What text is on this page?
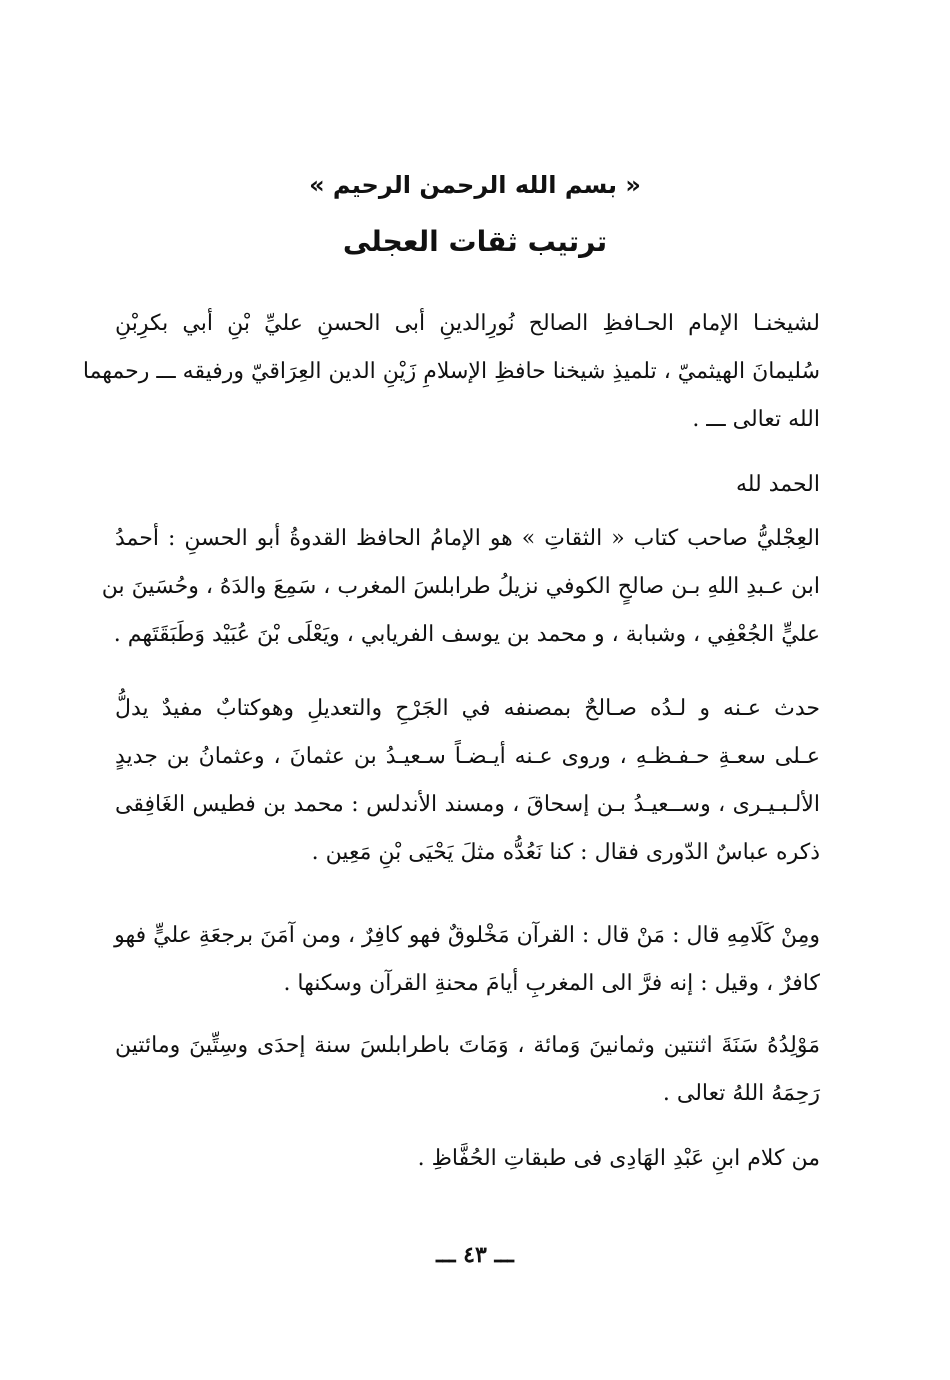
« بسم الله الرحمن الرحيم »
ترتيب ثقات العجلى
لشيخنـا الإمام الحـافظِ الصالح نُورِالدينِ أبى الحسنِ عليِّ بْنِ أبي بكرِبْنِ
سُليمانَ الهيثميّ ، تلميذِ شيخنا حافظِ الإسلامِ زَيْنِ الدين العِرَاقيّ ورفيقه ـــ رحمهما
الله تعالى ـــ .
الحمد لله
العِجْليُّ صاحب كتاب « الثقاتِ » هو الإمامُ الحافظ القدوةُ أبو الحسنِ : أحمدُ
ابن عـبدِ اللهِ بـن صالحٍ الكوفي نزيلُ طرابلسَ المغرب ، سَمِعَ والدَهُ ، وحُسَينَ بن
عليٍّ الجُعْفِي ، وشبابة ، و محمد بن يوسف الفريابي ، ويَعْلَى بْنَ عُبَيْد وَطَبَقَتَهم .
حدث عـنه و لـدُه صـالحٌ بمصنفه في الجَرْحِ والتعديلِ وهوكتابٌ مفيدٌ يدلُّ
عـلى سعـةِ حـفـظـهِ ، وروى عـنه أيـضـاً سـعيـدُ بن عثمانَ ، وعثمانُ بن جديدٍ
الألـبـيـرى ، وســعيـدُ بـن إسحاقَ ، ومسند الأندلس : محمد بن فطيس الغَافِقى
ذكره عباسٌ الدّورى فقال : كنا نَعُدُّه مثلَ يَحْيَى بْنِ مَعِين .
ومِنْ كَلَامِهِ قال : مَنْ قال : القرآن مَخْلوقٌ فهو كافِرٌ ، ومن آمَنَ برجعَةِ عليٍّ فهو
كافرٌ ، وقيل : إنه فرَّ الى المغربِ أيامَ محنةِ القرآن وسكنها .
مَوْلِدُهُ سَنَةَ اثنتين وثمانينَ وَمائة ، وَمَاتَ باطرابلسَ سنة إحدَى وسِتِّينَ ومائتين
رَحِمَهُ اللهُ تعالى .
من كلام ابنِ عَبْدِ الهَادِى فى طبقاتِ الحُفَّاظِ .
ـــ ٤٣ ـــ
